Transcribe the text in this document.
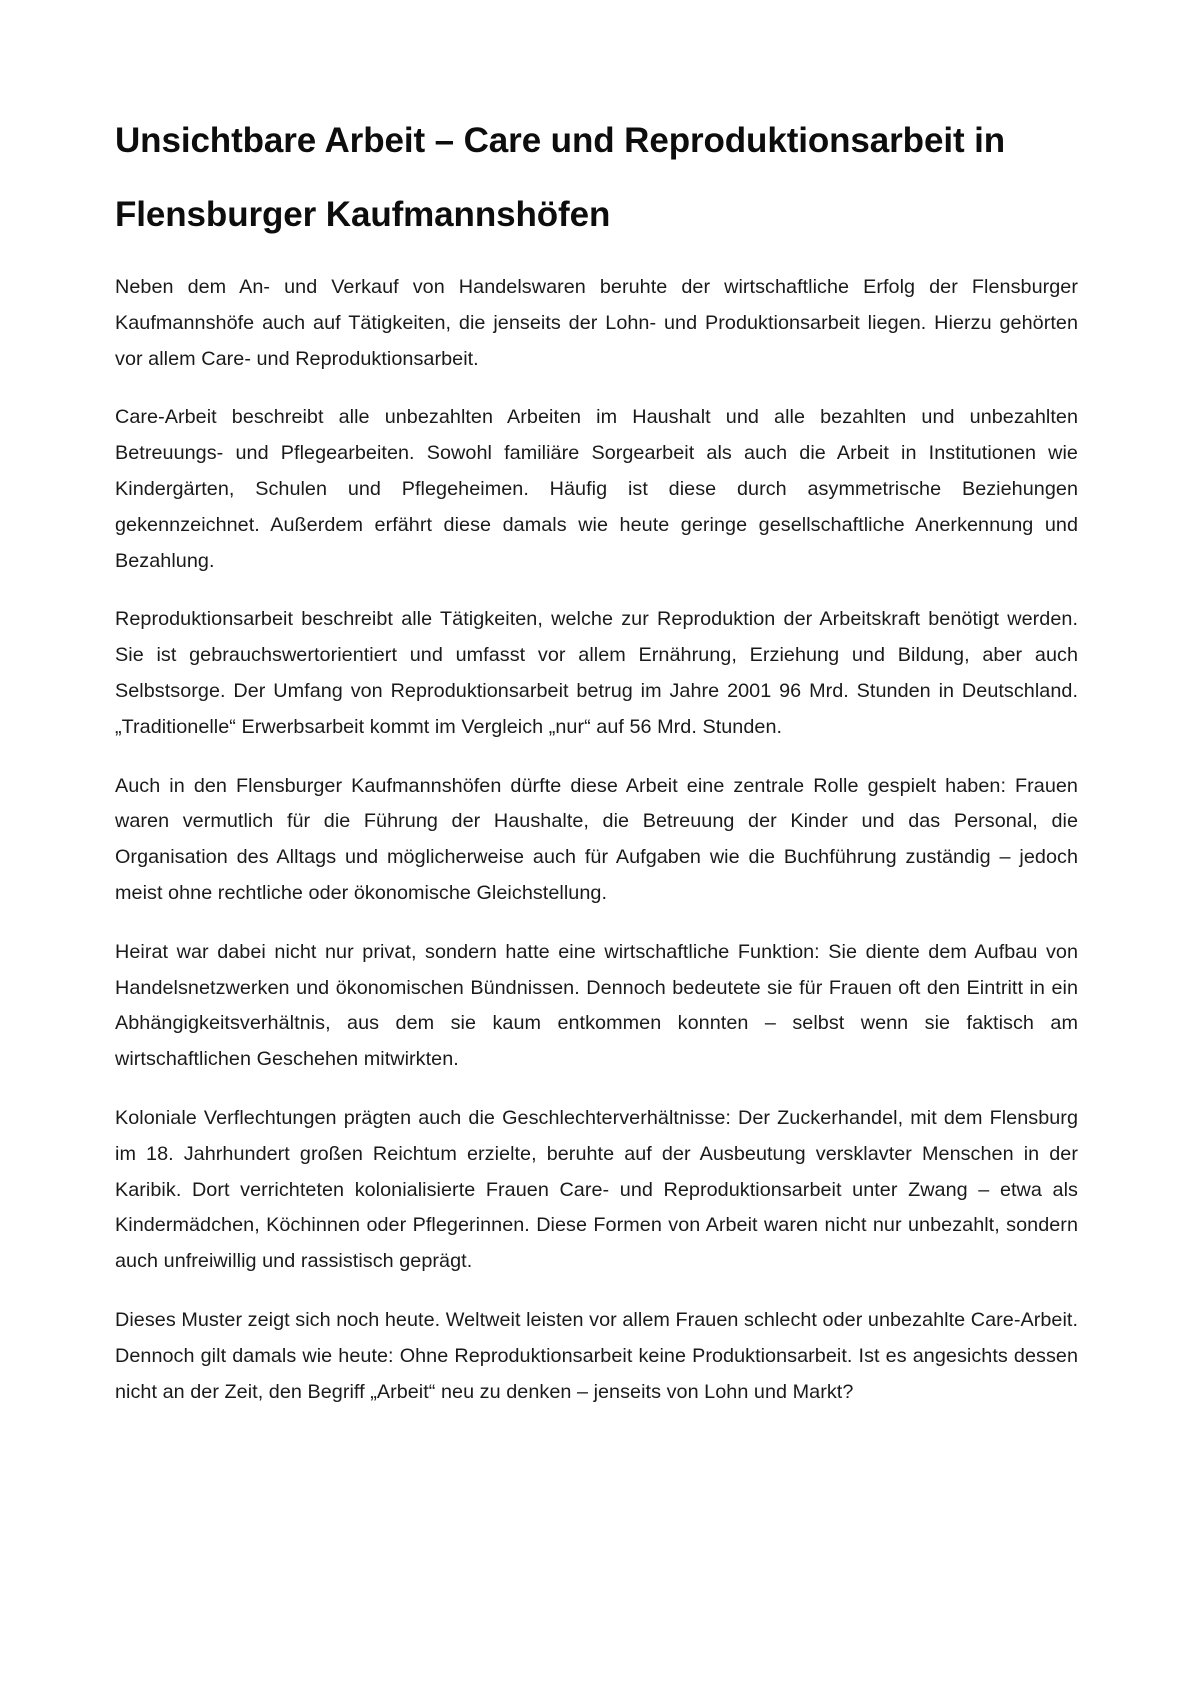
Unsichtbare Arbeit – Care und Reproduktionsarbeit in Flensburger Kaufmannshöfen

Neben dem An- und Verkauf von Handelswaren beruhte der wirtschaftliche Erfolg der Flensburger Kaufmannshöfe auch auf Tätigkeiten, die jenseits der Lohn- und Produktionsarbeit liegen. Hierzu gehörten vor allem Care- und Reproduktionsarbeit.

Care-Arbeit beschreibt alle unbezahlten Arbeiten im Haushalt und alle bezahlten und unbezahlten Betreuungs- und Pflegearbeiten. Sowohl familiäre Sorgearbeit als auch die Arbeit in Institutionen wie Kindergärten, Schulen und Pflegeheimen. Häufig ist diese durch asymmetrische Beziehungen gekennzeichnet. Außerdem erfährt diese damals wie heute geringe gesellschaftliche Anerkennung und Bezahlung.

Reproduktionsarbeit beschreibt alle Tätigkeiten, welche zur Reproduktion der Arbeitskraft benötigt werden. Sie ist gebrauchswertorientiert und umfasst vor allem Ernährung, Erziehung und Bildung, aber auch Selbstsorge. Der Umfang von Reproduktionsarbeit betrug im Jahre 2001 96 Mrd. Stunden in Deutschland. „Traditionelle“ Erwerbsarbeit kommt im Vergleich „nur“ auf 56 Mrd. Stunden.

Auch in den Flensburger Kaufmannshöfen dürfte diese Arbeit eine zentrale Rolle gespielt haben: Frauen waren vermutlich für die Führung der Haushalte, die Betreuung der Kinder und das Personal, die Organisation des Alltags und möglicherweise auch für Aufgaben wie die Buchführung zuständig – jedoch meist ohne rechtliche oder ökonomische Gleichstellung.

Heirat war dabei nicht nur privat, sondern hatte eine wirtschaftliche Funktion: Sie diente dem Aufbau von Handelsnetzwerken und ökonomischen Bündnissen. Dennoch bedeutete sie für Frauen oft den Eintritt in ein Abhängigkeitsverhältnis, aus dem sie kaum entkommen konnten – selbst wenn sie faktisch am wirtschaftlichen Geschehen mitwirkten.

Koloniale Verflechtungen prägten auch die Geschlechterverhältnisse: Der Zuckerhandel, mit dem Flensburg im 18. Jahrhundert großen Reichtum erzielte, beruhte auf der Ausbeutung versklavter Menschen in der Karibik. Dort verrichteten kolonialisierte Frauen Care- und Reproduktionsarbeit unter Zwang – etwa als Kindermädchen, Köchinnen oder Pflegerinnen. Diese Formen von Arbeit waren nicht nur unbezahlt, sondern auch unfreiwillig und rassistisch geprägt.

Dieses Muster zeigt sich noch heute. Weltweit leisten vor allem Frauen schlecht oder unbezahlte Care-Arbeit. Dennoch gilt damals wie heute: Ohne Reproduktionsarbeit keine Produktionsarbeit. Ist es angesichts dessen nicht an der Zeit, den Begriff „Arbeit“ neu zu denken – jenseits von Lohn und Markt?
